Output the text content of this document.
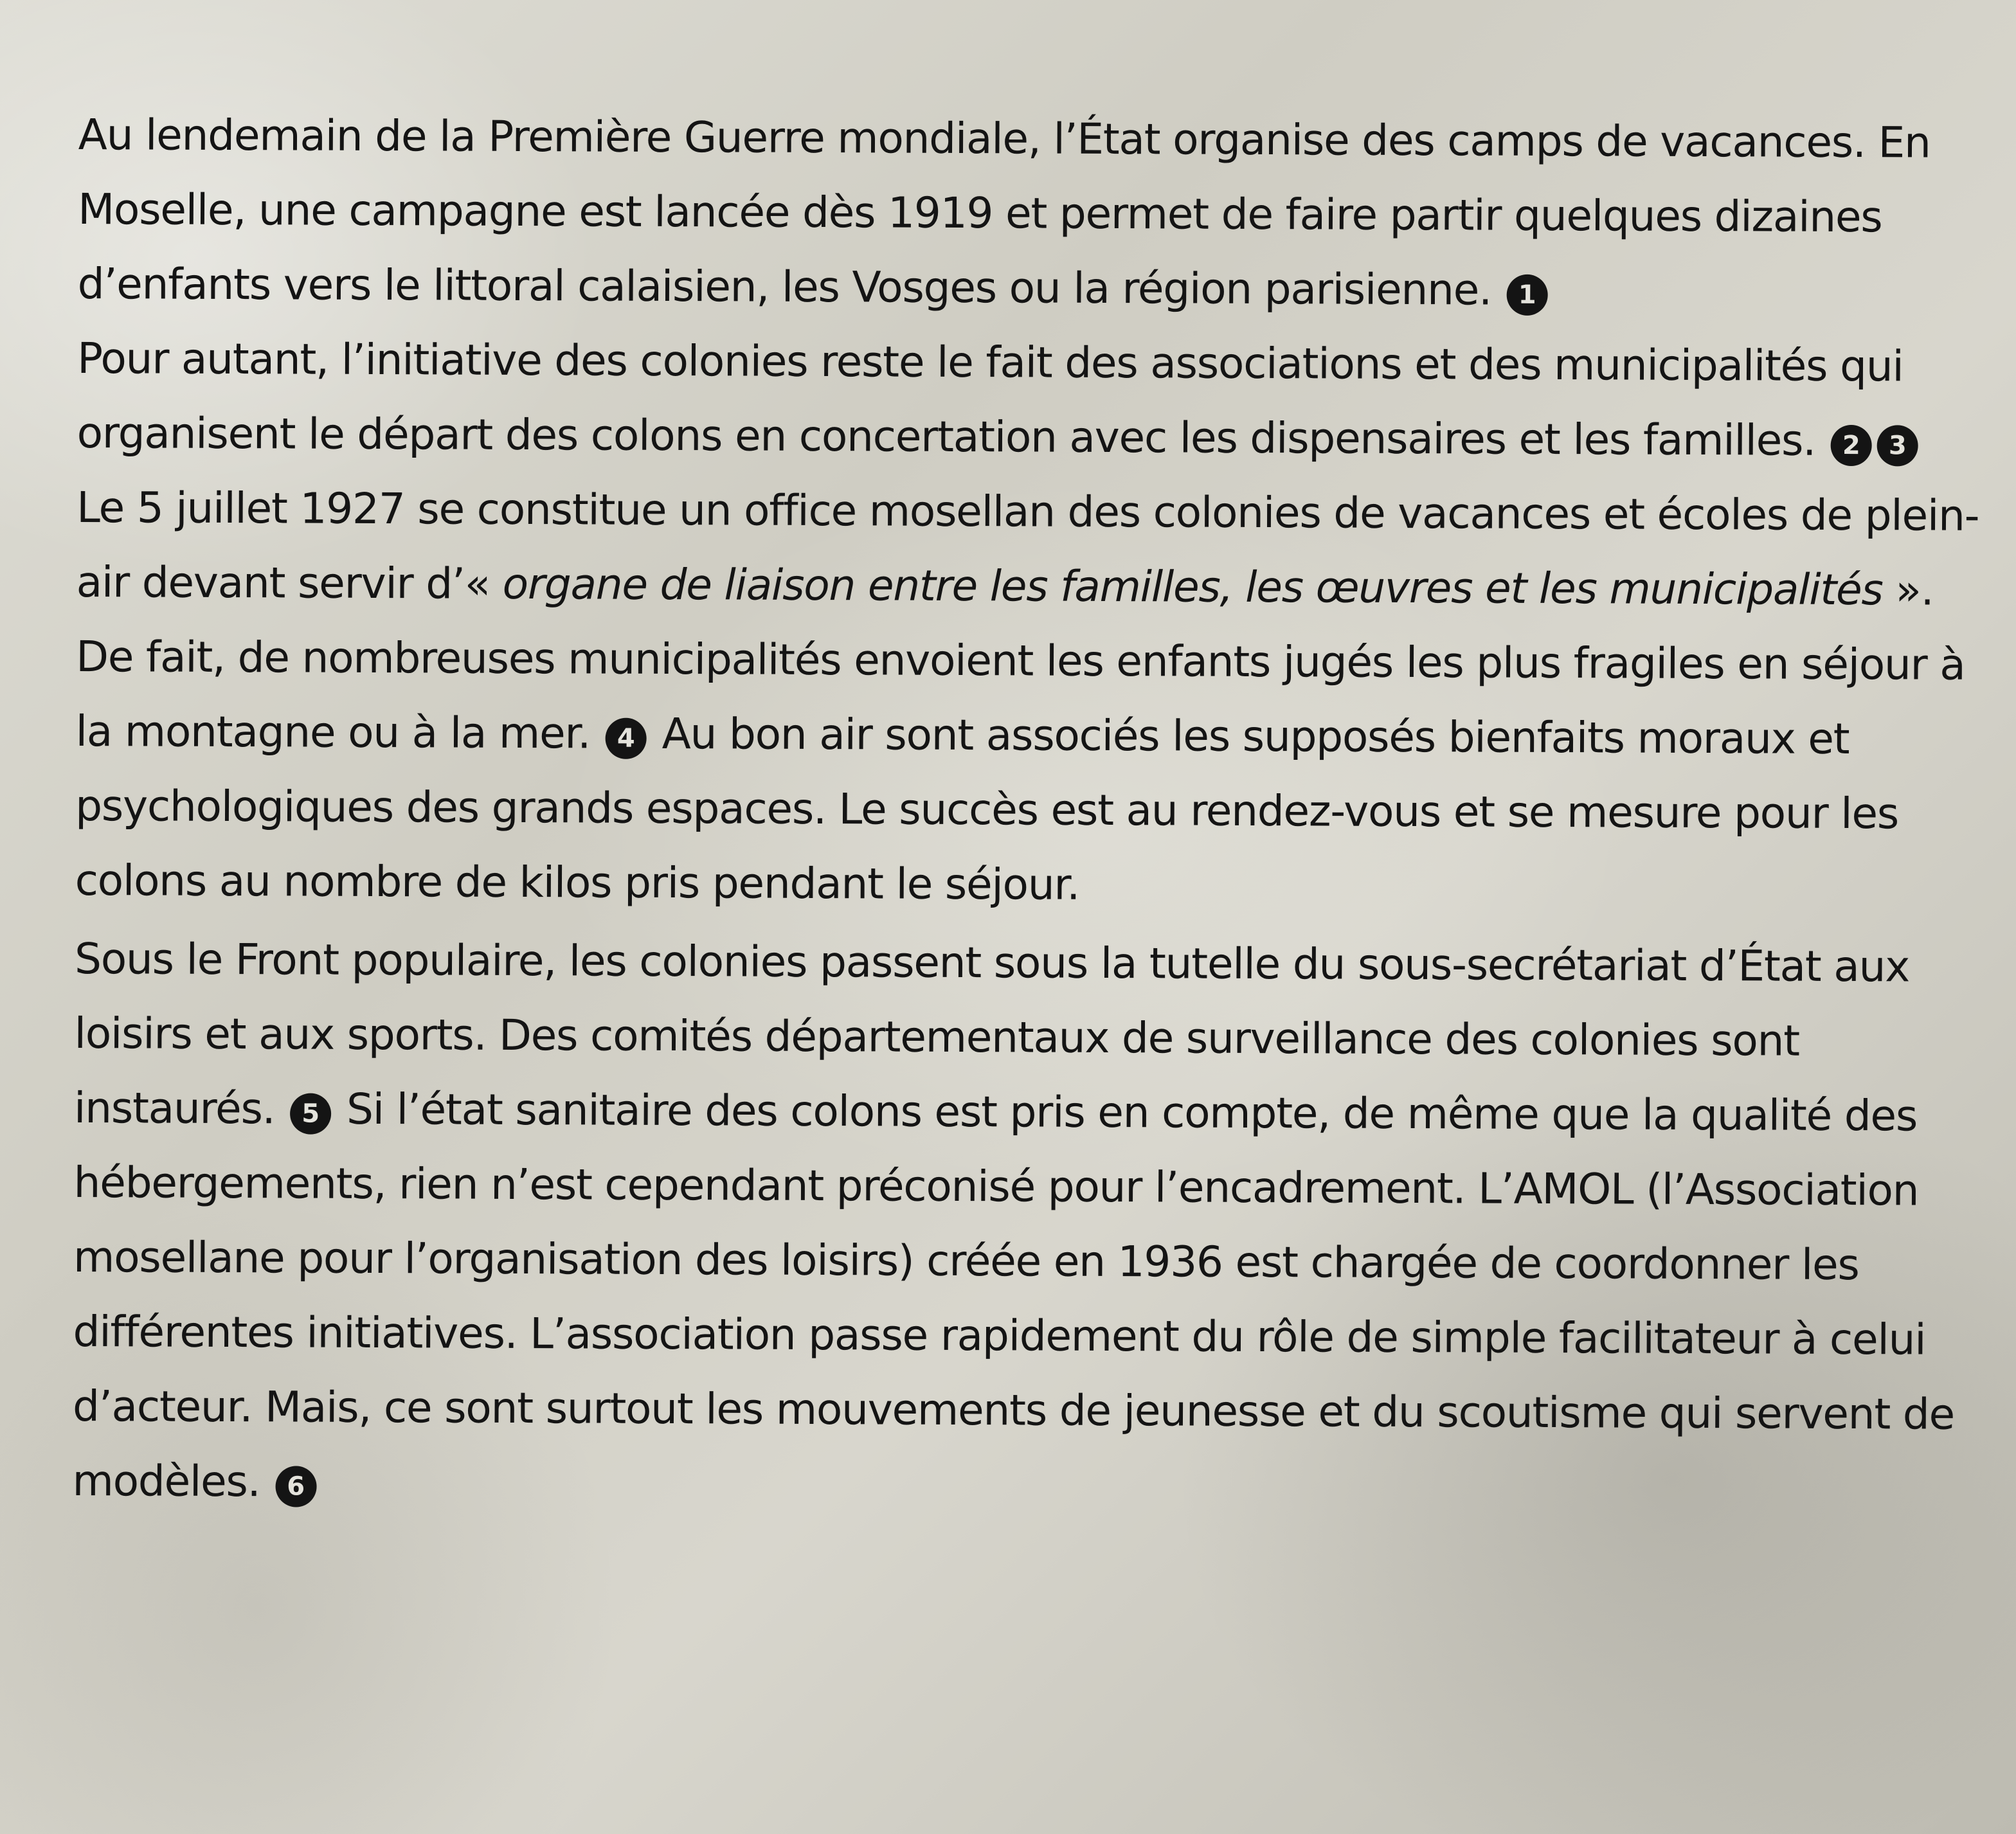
Au lendemain de la Première Guerre mondiale, l’État organise des camps de vacances. En Moselle, une campagne est lancée dès 1919 et permet de faire partir quelques dizaines d’enfants vers le littoral calaisien, les Vosges ou la région parisienne. 1

Pour autant, l’initiative des colonies reste le fait des associations et des municipalités qui organisent le départ des colons en concertation avec les dispensaires et les familles. 2 3 Le 5 juillet 1927 se constitue un office mosellan des colonies de vacances et écoles de plein-air devant servir d’« organe de liaison entre les familles, les œuvres et les municipalités ».

De fait, de nombreuses municipalités envoient les enfants jugés les plus fragiles en séjour à la montagne ou à la mer. 4 Au bon air sont associés les supposés bienfaits moraux et psychologiques des grands espaces. Le succès est au rendez-vous et se mesure pour les colons au nombre de kilos pris pendant le séjour.

Sous le Front populaire, les colonies passent sous la tutelle du sous-secrétariat d’État aux loisirs et aux sports. Des comités départementaux de surveillance des colonies sont instaurés. 5 Si l’état sanitaire des colons est pris en compte, de même que la qualité des hébergements, rien n’est cependant préconisé pour l’encadrement. L’AMOL (l’Association mosellane pour l’organisation des loisirs) créée en 1936 est chargée de coordonner les différentes initiatives. L’association passe rapidement du rôle de simple facilitateur à celui d’acteur. Mais, ce sont surtout les mouvements de jeunesse et du scoutisme qui servent de modèles. 6
